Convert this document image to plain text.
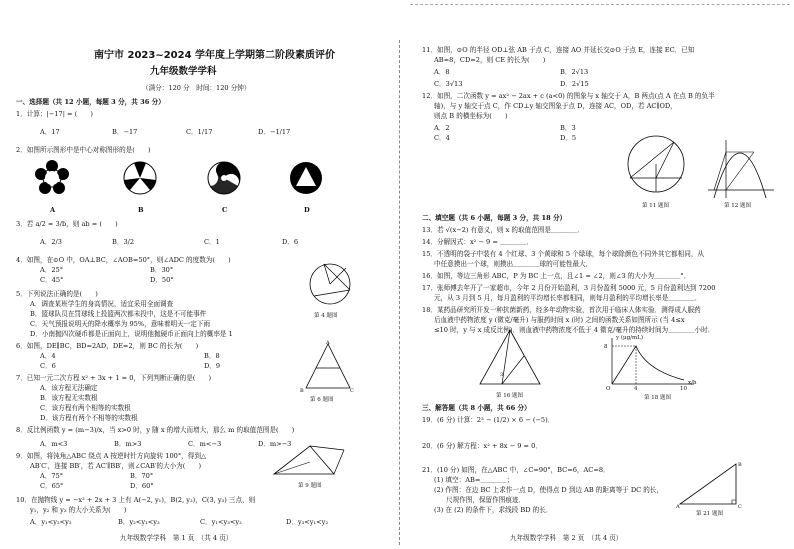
南宁市 2023~2024 学年度上学期第二阶段素质评价
九年级数学学科
（满分：120 分　时间：120 分钟）
一、选择题（共 12 小题，每题 3 分，共 36 分）
1．计算：|−17| = (　　)
A．17	B．−17	C．1/17	D．−1/17
2．如图所示图形中是中心对称图形的是(　　)
A	B	C	D
3．若 a/2 = 3/b，则 ab = (　　)
A．2/3	B．3/2	C．1	D．6
4．如图，在⊙O 中，OA⊥BC，∠AOB=50°，则∠ADC 的度数为(　　)
A．25°	B．30°
C．45°	D．50°
第 4 题图
5．下列说法正确的是(　　)
A．调查某班学生的身高情况，适宜采用全面调查
B．篮球队员在罚球线上投篮两次都未投中，这是不可能事件
C．天气预报说明天的降水概率为 95%，意味着明天一定下雨
D．小南抛四次硬币都是正面向上，说明他抛硬币正面向上的概率是 1
6．如图，DE∥BC，BD=2AD，DE=2，则 BC 的长为(　　)
A．4	B．8
C．6	D．9
A
B	C
第 6 题图
7．已知一元二次方程 x² + 3x + 1 = 0，下列判断正确的是(　　)
A．该方程无法确定
B．该方程无实数根
C．该方程有两个相等的实数根
D．该方程有两个不相等的实数根
8．反比例函数 y = (m−3)/x，当 x>0 时，y 随 x 的增大而增大，那么 m 的取值范围是(　　)
A．m<3	B．m>3	C．m<−3	D．m>−3
9．如图，将钝角△ABC 绕点 A 按逆时针方向旋转 100°，得到△
AB′C′，连接 BB′，若 AC′∥BB′，则∠CAB′的大小为(　　)
A．75°	B．70°
C．65°	D．60°	第 9 题图
10．在抛物线 y = −x² + 2x + 3 上有 A(−2, y₁)，B(2, y₂)，C(3, y₃) 三点，则
y₁，y₂ 和 y₃ 的大小关系为(　　)
A．y₁<y₂<y₃	B．y₂<y₁<y₃	C．y₁<y₃<y₂	D．y₃<y₁<y₂
九年级数学学科　第 1 页　（共 4 页）
11．如图，⊙O 的半径 OD⊥弦 AB 于点 C，连接 AO 并延长交⊙O 于点 E，连接 EC．已知
AB=8，CD=2，则 CE 的长为(　　)
A．8	B．2√13
C．3√13	D．2√15
12．如图，二次函数 y = ax² − 2ax + c (a<0) 的图象与 x 轴交于 A，B 两点(点 A 在点 B 的负半
轴)，与 y 轴交于点 C，作 CD⊥y 轴交图象于点 D，连接 AC，OD，若 AC∥OD，
则点 B 的横坐标为(　　)
A．2	B．3
C．4	D．5
第 11 题图	第 12 题图
二、填空题（共 6 小题，每题 3 分，共 18 分）
13．若 √(x−2) 有意义，则 x 的取值范围是＿＿＿＿．
14．分解因式：x² − 9 = ＿＿＿＿．
15．不透明的袋子中装有 4 个红球、3 个黄球和 5 个绿球，每个球除颜色不同外其它都相同，从
中任意摸出一个球，则摸出＿＿＿＿球的可能性最大．
16．如图，等边三角形 ABC，P 为 BC 上一点，且∠1 = ∠2，则∠3 的大小为＿＿＿＿°．
17．张师傅去年开了一家超市，今年 2 月份开始盈利，3 月份盈利 5000 元，5 月份盈利达到 7200
元，从 3 月到 5 月，每月盈利的平均增长率都相同，则每月盈利的平均增长率是＿＿＿＿．
18．某药品研究所开发一种抗菌新药，经多年动物实验，首次用于临床人体实验．测得成人服药
后血液中药物浓度 y (微克/毫升) 与服药时间 x (时) 之间的函数关系如图所示 (当 4≤x
≤10 时，y 与 x 成反比例)．则血液中药物浓度不低于 4 微克/毫升的持续时间为＿＿＿＿小时．
3
第 16 题图
y (μg/mL)
8
O	4	10
x/h
第 18 题图
三、解答题（共 8 小题，共 66 分）
19．(6 分) 计算：2³ − (1/2) × 6 − (−5)．
20．(6 分) 解方程：x² + 8x − 9 = 0．
21．(10 分) 如图，在△ABC 中，∠C=90°，BC=6，AC=8．
(1) 填空：AB=＿＿＿＿；
(2) 作图：在边 BC 上求作一点 D，使得点 D 到边 AB 的距离等于 DC 的长，
尺规作图，保留作图痕迹．
(3) 在 (2) 的条件下，求线段 BD 的长．	A
B
C
第 21 题图
九年级数学学科　第 2 页　（共 4 页）
